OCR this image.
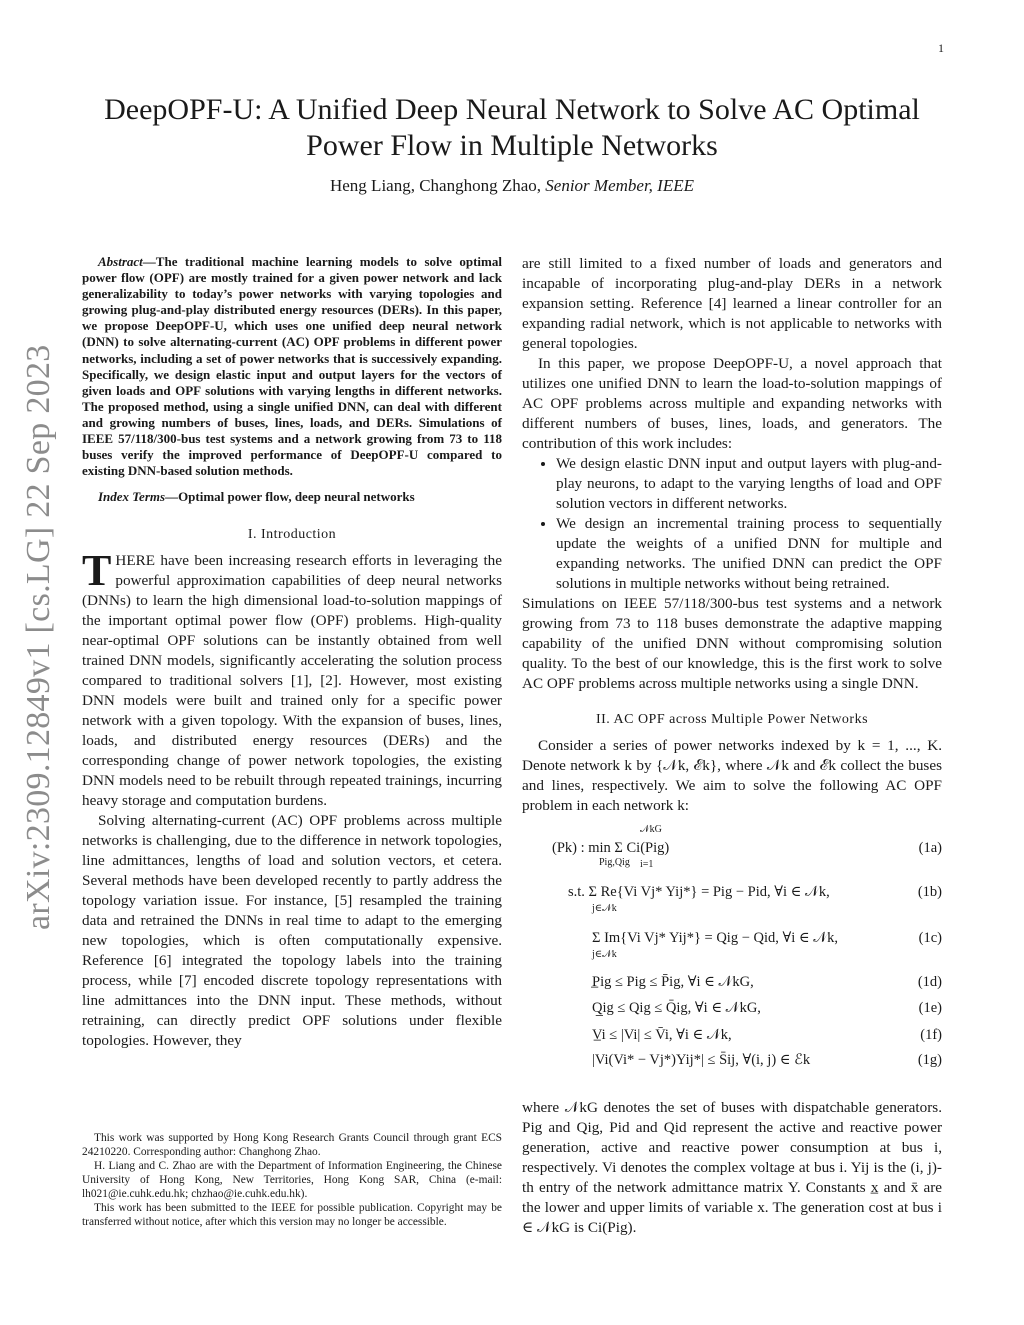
1
arXiv:2309.12849v1 [cs.LG] 22 Sep 2023
DeepOPF-U: A Unified Deep Neural Network to Solve AC Optimal
Power Flow in Multiple Networks
Heng Liang, Changhong Zhao, Senior Member, IEEE
Abstract—The traditional machine learning models to solve optimal power flow (OPF) are mostly trained for a given power network and lack generalizability to today’s power networks with varying topologies and growing plug-and-play distributed energy resources (DERs). In this paper, we propose DeepOPF-U, which uses one unified deep neural network (DNN) to solve alternating-current (AC) OPF problems in different power networks, including a set of power networks that is successively expanding. Specifically, we design elastic input and output layers for the vectors of given loads and OPF solutions with varying lengths in different networks. The proposed method, using a single unified DNN, can deal with different and growing numbers of buses, lines, loads, and DERs. Simulations of IEEE 57/118/300-bus test systems and a network growing from 73 to 118 buses verify the improved performance of DeepOPF-U compared to existing DNN-based solution methods.
Index Terms—Optimal power flow, deep neural networks
I. Introduction

THERE have been increasing research efforts in leveraging the powerful approximation capabilities of deep neural networks (DNNs) to learn the high dimensional load-to-solution mappings of the important optimal power flow (OPF) problems. High-quality near-optimal OPF solutions can be instantly obtained from well trained DNN models, significantly accelerating the solution process compared to traditional solvers [1], [2]. However, most existing DNN models were built and trained only for a specific power network with a given topology. With the expansion of buses, lines, loads, and distributed energy resources (DERs) and the corresponding change of power network topologies, the existing DNN models need to be rebuilt through repeated trainings, incurring heavy storage and computation burdens.

Solving alternating-current (AC) OPF problems across multiple networks is challenging, due to the difference in network topologies, line admittances, lengths of load and solution vectors, et cetera. Several methods have been developed recently to partly address the topology variation issue. For instance, [5] resampled the training data and retrained the DNNs in real time to adapt to the emerging new topologies, which is often computationally expensive. Reference [6] integrated the topology labels into the training process, while [7] encoded discrete topology representations with line admittances into the DNN input. These methods, without retraining, can directly predict OPF solutions under flexible topologies. However, they

This work was supported by Hong Kong Research Grants Council through grant ECS 24210220. Corresponding author: Changhong Zhao.

H. Liang and C. Zhao are with the Department of Information Engineering, the Chinese University of Hong Kong, New Territories, Hong Kong SAR, China (e-mail: lh021@ie.cuhk.edu.hk; chzhao@ie.cuhk.edu.hk).

This work has been submitted to the IEEE for possible publication. Copyright may be transferred without notice, after which this version may no longer be accessible.

are still limited to a fixed number of loads and generators and incapable of incorporating plug-and-play DERs in a network expansion setting. Reference [4] learned a linear controller for an expanding radial network, which is not applicable to networks with general topologies.

In this paper, we propose DeepOPF-U, a novel approach that utilizes one unified DNN to learn the load-to-solution mappings of AC OPF problems across multiple and expanding networks with different numbers of buses, lines, loads, and generators. The contribution of this work includes:

• We design elastic DNN input and output layers with plug-and-play neurons, to adapt to the varying lengths of load and OPF solution vectors in different networks.
• We design an incremental training process to sequentially update the weights of a unified DNN for multiple and expanding networks. The unified DNN can predict the OPF solutions in multiple networks without being retrained.

Simulations on IEEE 57/118/300-bus test systems and a network growing from 73 to 118 buses demonstrate the adaptive mapping capability of the unified DNN without compromising solution quality. To the best of our knowledge, this is the first work to solve AC OPF problems across multiple networks using a single DNN.

II. AC OPF across Multiple Power Networks

Consider a series of power networks indexed by k = 1, ..., K. Denote network k by {𝒩k, ℰk}, where 𝒩k and ℰk collect the buses and lines, respectively. We aim to solve the following AC OPF problem in each network k:

(Pk) : min Σ Ci(Pig)
Pig,Qig
𝒩kG
i=1
(1a)
s.t. Σ Re{Vi Vj* Yij*} = Pig − Pid, ∀i ∈ 𝒩k,
j∈𝒩k
(1b)
Σ Im{Vi Vj* Yij*} = Qig − Qid, ∀i ∈ 𝒩k,
j∈𝒩k
(1c)
P̲ig ≤ Pig ≤ P̄ig, ∀i ∈ 𝒩kG,	(1d)
Q̲ig ≤ Qig ≤ Q̄ig, ∀i ∈ 𝒩kG,	(1e)
V̲i ≤ |Vi| ≤ V̄i, ∀i ∈ 𝒩k,	(1f)
|Vi(Vi* − Vj*)Yij*| ≤ S̄ij, ∀(i, j) ∈ ℰk	(1g)

where 𝒩kG denotes the set of buses with dispatchable generators. Pig and Qig, Pid and Qid represent the active and reactive power generation, active and reactive power consumption at bus i, respectively. Vi denotes the complex voltage at bus i. Yij is the (i, j)-th entry of the network admittance matrix Y. Constants x̲ and x̄ are the lower and upper limits of variable x. The generation cost at bus i ∈ 𝒩kG is Ci(Pig).
